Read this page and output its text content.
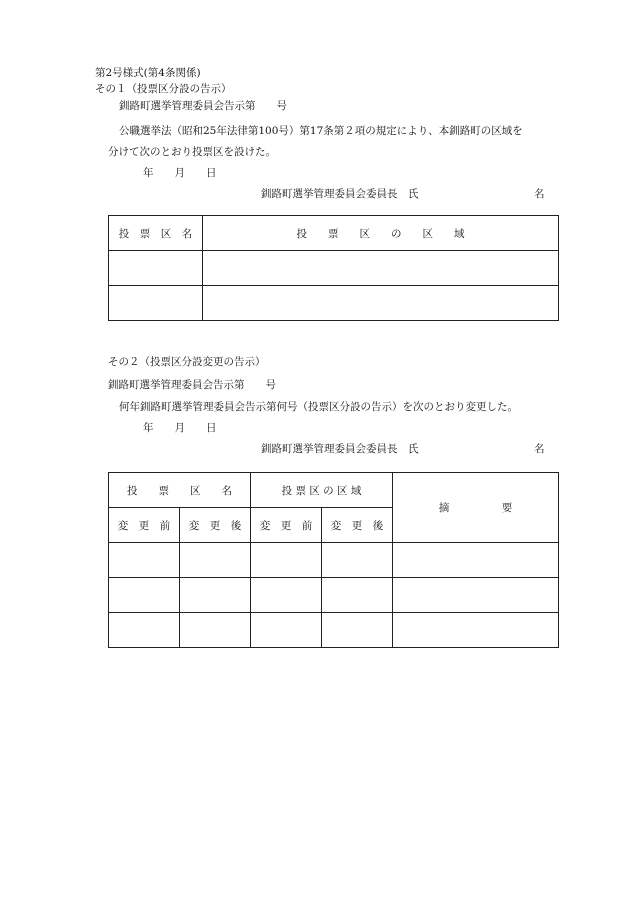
第2号様式(第4条関係)
その１（投票区分設の告示）
釧路町選挙管理委員会告示第　　号
公職選挙法（昭和25年法律第100号）第17条第２項の規定により、本釧路町の区域を
分けて次のとおり投票区を設けた。
年　　月　　日
釧路町選挙管理委員会委員長　氏	名
投　票　区　名	投　　票　　区　　の　　区　　域

その２（投票区分設変更の告示）
釧路町選挙管理委員会告示第　　号
何年釧路町選挙管理委員会告示第何号（投票区分設の告示）を次のとおり変更した。
年　　月　　日
釧路町選挙管理委員会委員長　氏	名
投　　票　　区　　名		投 票 区 の 区 域		摘　　　　　要
変　更　前	変　更　後	変　更　前	変　更　後	
